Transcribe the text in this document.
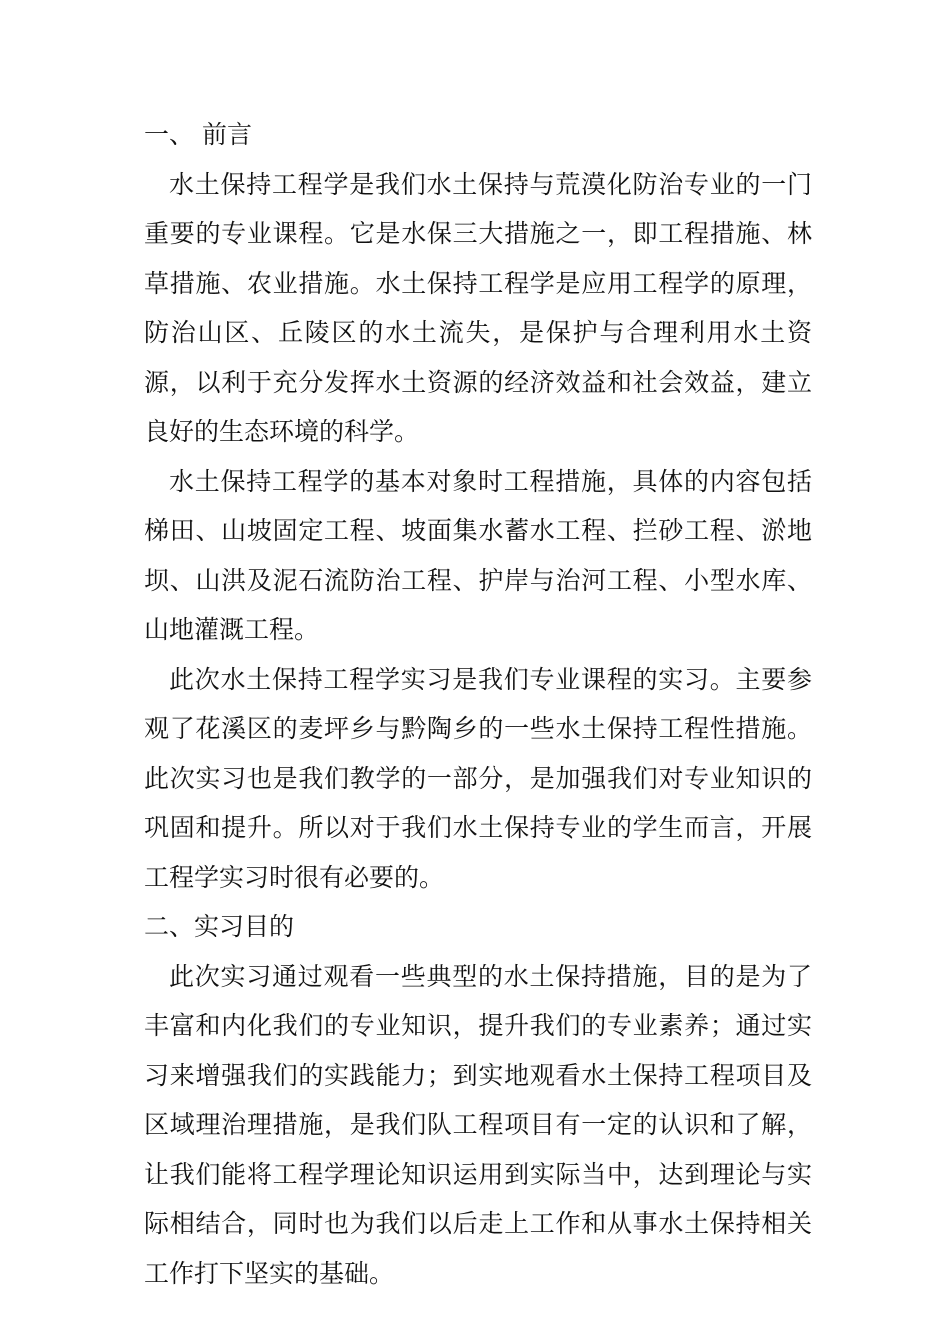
一、 前言

水土保持工程学是我们水土保持与荒漠化防治专业的一门重要的专业课程。它是水保三大措施之一，即工程措施、林草措施、农业措施。水土保持工程学是应用工程学的原理，防治山区、丘陵区的水土流失，是保护与合理利用水土资源，以利于充分发挥水土资源的经济效益和社会效益，建立良好的生态环境的科学。

水土保持工程学的基本对象时工程措施，具体的内容包括梯田、山坡固定工程、坡面集水蓄水工程、拦砂工程、淤地坝、山洪及泥石流防治工程、护岸与治河工程、小型水库、山地灌溉工程。

此次水土保持工程学实习是我们专业课程的实习。主要参观了花溪区的麦坪乡与黔陶乡的一些水土保持工程性措施。此次实习也是我们教学的一部分，是加强我们对专业知识的巩固和提升。所以对于我们水土保持专业的学生而言，开展工程学实习时很有必要的。

二、实习目的

此次实习通过观看一些典型的水土保持措施，目的是为了丰富和内化我们的专业知识，提升我们的专业素养；通过实习来增强我们的实践能力；到实地观看水土保持工程项目及区域理治理措施，是我们队工程项目有一定的认识和了解，让我们能将工程学理论知识运用到实际当中，达到理论与实际相结合，同时也为我们以后走上工作和从事水土保持相关工作打下坚实的基础。
